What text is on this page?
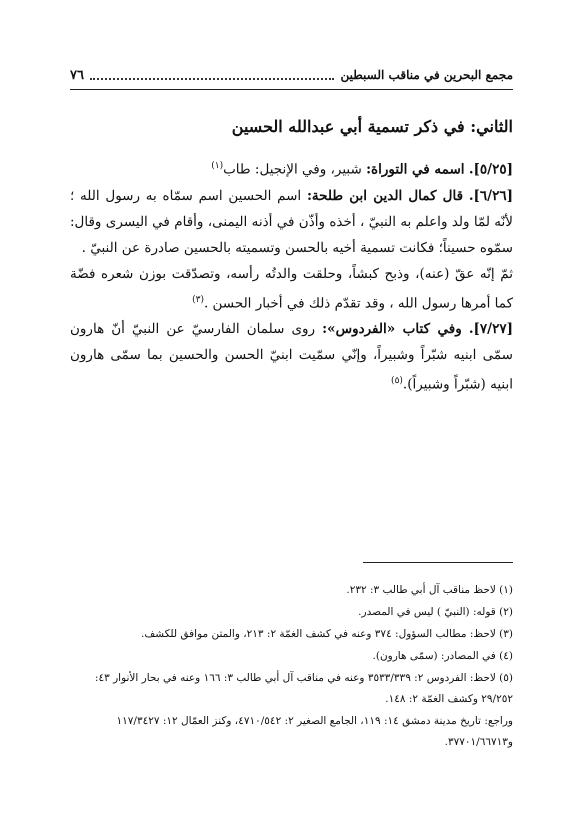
٧٦	مجمع البحرين في مناقب السبطين
الثاني: في ذكر تسمية أبي عبدالله الحسين

[٥/٢٥]. اسمه في التوراة: شبير، وفي الإنجيل: طاب$^{(١)}$

[٦/٢٦]. قال كمال الدين ابن طلحة: اسم الحسين اسم سمّاه به رسول الله ؛ لأنّه لمّا ولد واعلم به النبيّ ، أخذه وأذّن في أذنه اليمنى، وأقام في اليسرى وقال: سمّوه حسيناً؛ فكانت تسمية أخيه بالحسن وتسميته بالحسين صادرة عن النبيّ .

ثمّ إنّه عقّ (عنه)، وذبح كبشاً، وحلقت والدتُه رأسه، وتصدّقت بوزن شعره فضّة كما أمرها رسول الله ، وقد تقدّم ذلك في أخبار الحسن .$^{(٣)}$

[٧/٢٧]. وفي كتاب «الفردوس»: روى سلمان الفارسيّ عن النبيّ أنّ هارون سمّى ابنيه شبّراً وشبيراً، وإنّي سمّيت ابنيّ الحسن والحسين بما سمّى هارون ابنيه (شبّراً وشبيراً).$^{(٥)}$

(١) لاحظ مناقب آل أبي طالب ٣: ٢٣٢.

(٢) قوله: (النبيّ ) ليس في المصدر.

(٣) لاحظ: مطالب السؤول: ٣٧٤ وعنه في كشف الغمّة ٢: ٢١٣، والمتن موافق للكشف.

(٤) في المصادر: (سمّى هارون).

(٥) لاحظ: الفردوس ٢: ٣٥٣٣/٣٣٩ وعنه في مناقب آل أبي طالب ٣: ١٦٦ وعنه في بحار الأنوار ٤٣: ٢٩/٢٥٢ وكشف الغمّة ٢: ١٤٨.

وراجع: تاريخ مدينة دمشق ١٤: ١١٩، الجامع الصغير ٢: ٤٧١٠/٥٤٢، وكنز العمّال ١٢: ١١٧/٣٤٢٧ و٣٧٧٠١/٦٦٧١٣.
